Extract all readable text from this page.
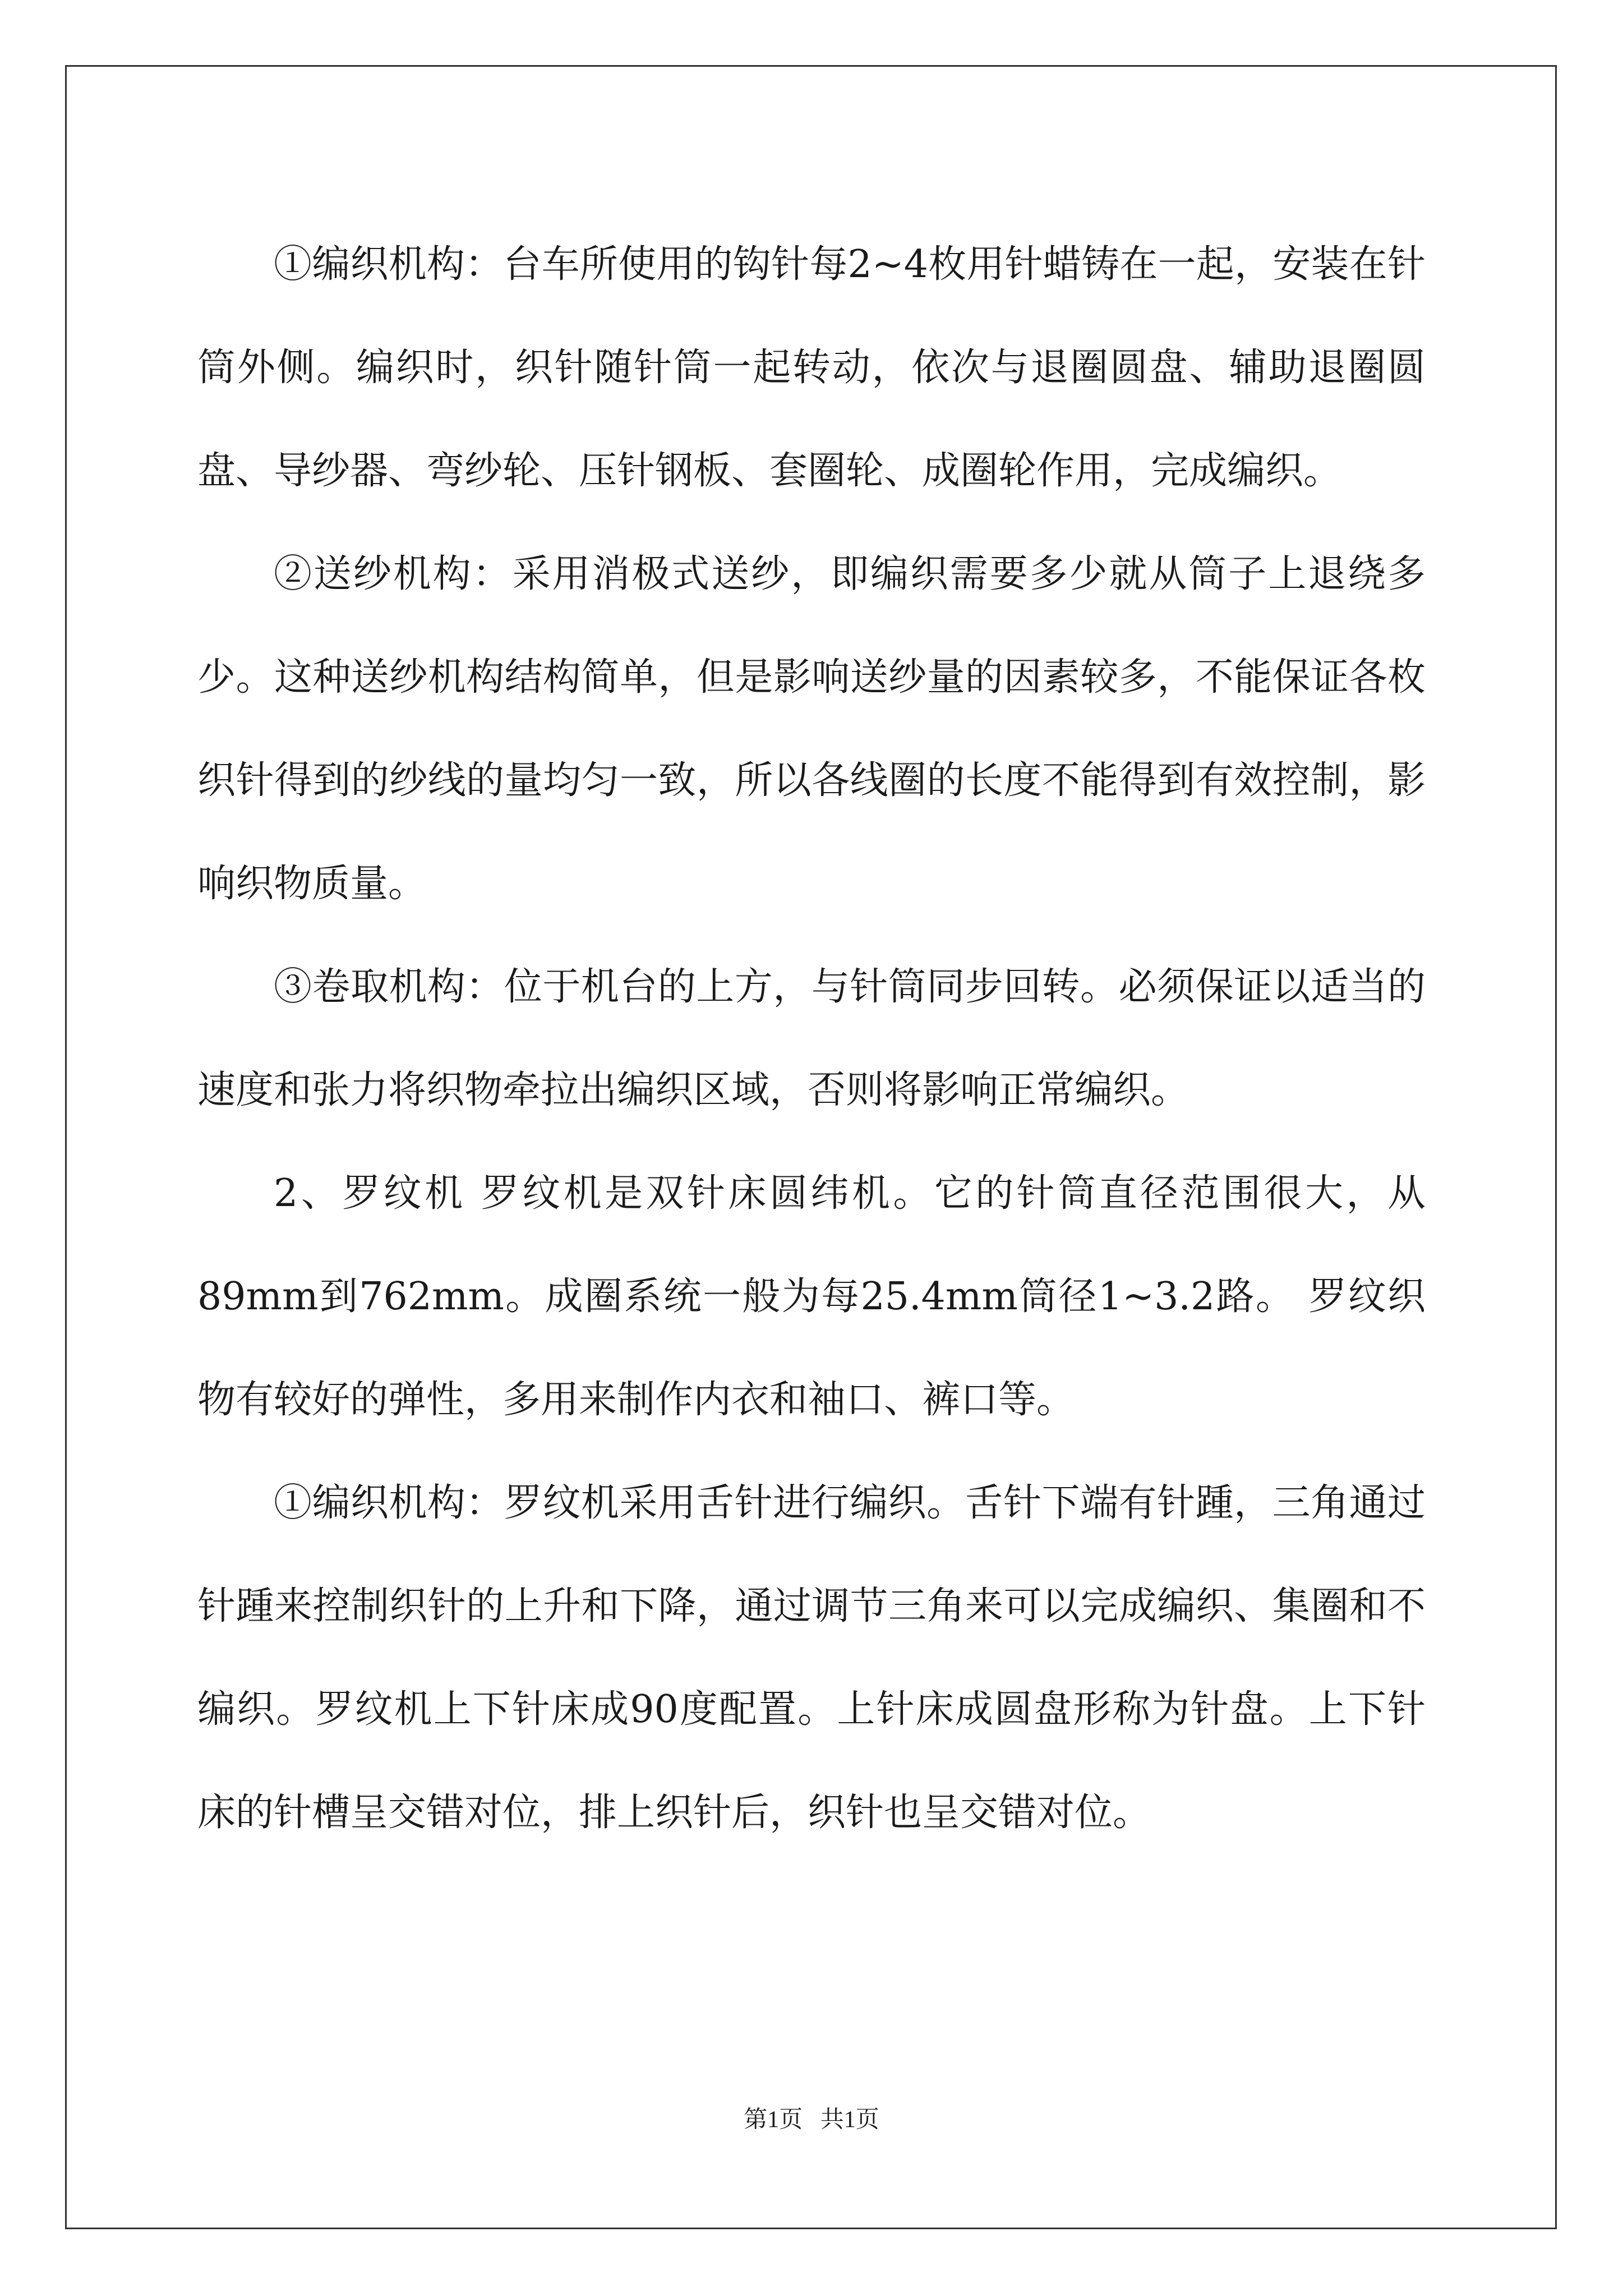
①编织机构：台车所使用的钩针每2~4枚用针蜡铸在一起，安装在针筒外侧。编织时，织针随针筒一起转动，依次与退圈圆盘、辅助退圈圆盘、导纱器、弯纱轮、压针钢板、套圈轮、成圈轮作用，完成编织。

②送纱机构：采用消极式送纱，即编织需要多少就从筒子上退绕多少。这种送纱机构结构简单，但是影响送纱量的因素较多，不能保证各枚织针得到的纱线的量均匀一致，所以各线圈的长度不能得到有效控制，影响织物质量。

③卷取机构：位于机台的上方，与针筒同步回转。必须保证以适当的速度和张力将织物牵拉出编织区域，否则将影响正常编织。

2、罗纹机 罗纹机是双针床圆纬机。它的针筒直径范围很大，从89mm到762mm。成圈系统一般为每25.4mm筒径1~3.2路。 罗纹织物有较好的弹性，多用来制作内衣和袖口、裤口等。

①编织机构：罗纹机采用舌针进行编织。舌针下端有针踵，三角通过针踵来控制织针的上升和下降，通过调节三角来可以完成编织、集圈和不编织。罗纹机上下针床成90度配置。上针床成圆盘形称为针盘。上下针床的针槽呈交错对位，排上织针后，织针也呈交错对位。

第1页 共1页
